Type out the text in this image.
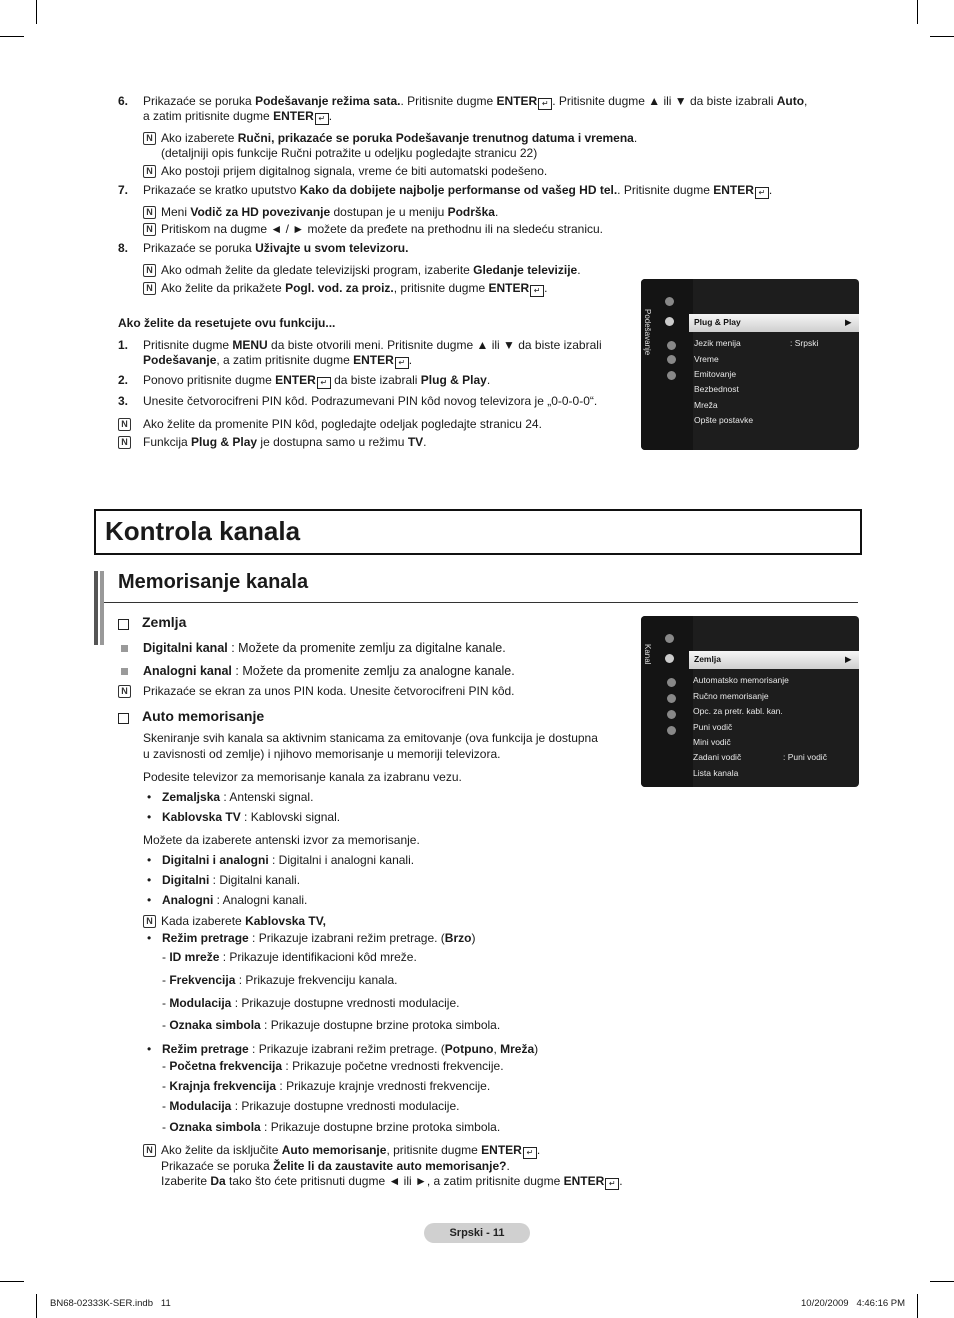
6. Prikazaće se poruka Podešavanje režima sata.. Pritisnite dugme ENTER ↵ . Pritisnite dugme ▲ ili ▼ da biste izabrali Auto,
a zatim pritisnite dugme ENTER ↵ .
N Ako izaberete Ručni, prikazaće se poruka Podešavanje trenutnog datuma i vremena.
(detaljniji opis funkcije Ručni potražite u odeljku pogledajte stranicu 22)
N Ako postoji prijem digitalnog signala, vreme će biti automatski podešeno.
7. Prikazaće se kratko uputstvo Kako da dobijete najbolje performanse od vašeg HD tel.. Pritisnite dugme ENTER ↵ .
N Meni Vodič za HD povezivanje dostupan je u meniju Podrška.
N Pritiskom na dugme ◄ / ► možete da pređete na prethodnu ili na sledeću stranicu.
8. Prikazaće se poruka Uživajte u svom televizoru.
N Ako odmah želite da gledate televizijski program, izaberite Gledanje televizije.
N Ako želite da prikažete Pogl. vod. za proiz., pritisnite dugme ENTER ↵ .
Ako želite da resetujete ovu funkciju...
1. Pritisnite dugme MENU da biste otvorili meni. Pritisnite dugme ▲ ili ▼ da biste izabrali
Podešavanje, a zatim pritisnite dugme ENTER ↵ .
2. Ponovo pritisnite dugme ENTER ↵ da biste izabrali Plug & Play.
3. Unesite četvorocifreni PIN kôd. Podrazumevani PIN kôd novog televizora je „0-0-0-0“.
N Ako želite da promenite PIN kôd, pogledajte odeljak pogledajte stranicu 24.
N Funkcija Plug & Play je dostupna samo u režimu TV.
Podešavanje	Plug & Play	▶
Jezik menija	: Srpski
Vreme
Emitovanje
Bezbednost
Mreža
Opšte postavke
Kontrola kanala
Memorisanje kanala
Zemlja
Digitalni kanal : Možete da promenite zemlju za digitalne kanale.
Analogni kanal : Možete da promenite zemlju za analogne kanale.
N Prikazaće se ekran za unos PIN koda. Unesite četvorocifreni PIN kôd.
Auto memorisanje
Skeniranje svih kanala sa aktivnim stanicama za emitovanje (ova funkcija je dostupna
u zavisnosti od zemlje) i njihovo memorisanje u memoriji televizora.
Podesite televizor za memorisanje kanala za izabranu vezu.
• Zemaljska : Antenski signal.
• Kablovska TV : Kablovski signal.
Možete da izaberete antenski izvor za memorisanje.
• Digitalni i analogni : Digitalni i analogni kanali.
• Digitalni : Digitalni kanali.
• Analogni : Analogni kanali.
N Kada izaberete Kablovska TV,
• Režim pretrage : Prikazuje izabrani režim pretrage. (Brzo)
- ID mreže : Prikazuje identifikacioni kôd mreže.
- Frekvencija : Prikazuje frekvenciju kanala.
- Modulacija : Prikazuje dostupne vrednosti modulacije.
- Oznaka simbola : Prikazuje dostupne brzine protoka simbola.
• Režim pretrage : Prikazuje izabrani režim pretrage. (Potpuno, Mreža)
- Početna frekvencija : Prikazuje početne vrednosti frekvencije.
- Krajnja frekvencija : Prikazuje krajnje vrednosti frekvencije.
- Modulacija : Prikazuje dostupne vrednosti modulacije.
- Oznaka simbola : Prikazuje dostupne brzine protoka simbola.
N Ako želite da isključite Auto memorisanje, pritisnite dugme ENTER ↵ .
Prikazaće se poruka Želite li da zaustavite auto memorisanje?.
Izaberite Da tako što ćete pritisnuti dugme ◄ ili ►, a zatim pritisnite dugme ENTER ↵ .
Kanal	Zemlja	▶
Automatsko memorisanje
Ručno memorisanje
Opc. za pretr. kabl. kan.
Puni vodič
Mini vodič
Zadani vodič	: Puni vodič
Lista kanala
Srpski - 11
BN68-02333K-SER.indb   11	10/20/2009   4:46:16 PM
